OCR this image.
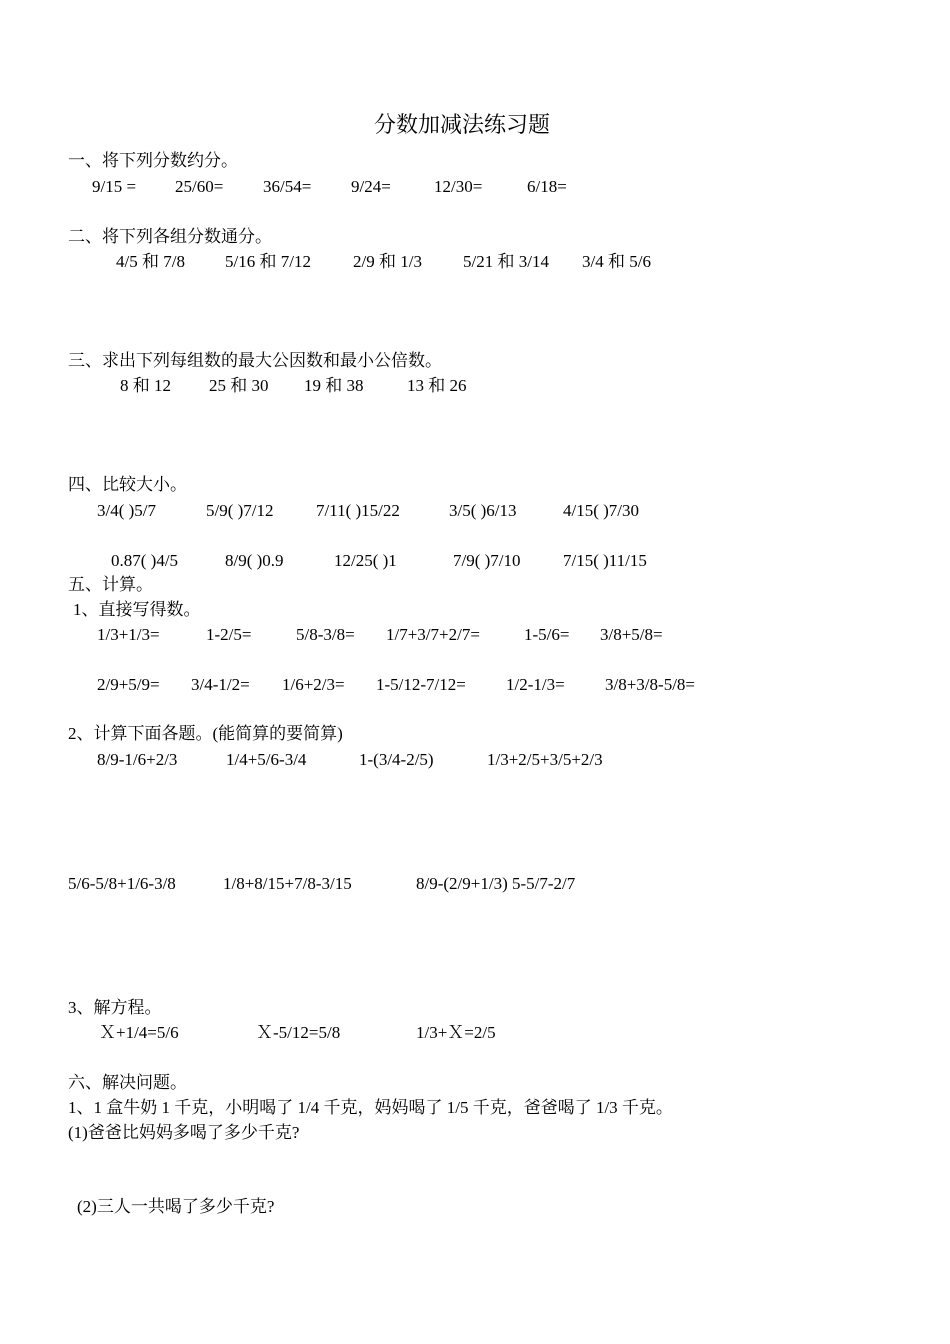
分数加减法练习题
一、将下列分数约分。
9/15 = 25/60= 36/54= 9/24=	12/30=	6/18=
二、将下列各组分数通分。
4/5 和 7/8 5/16 和 7/12 2/9 和 1/3 5/21 和 3/14 3/4 和 5/6
三、求出下列每组数的最大公因数和最小公倍数。
8 和 12 25 和 30 19 和 38	13 和 26
四、比较大小。
3/4( )5/7	5/9( )7/12 7/11( )15/22	3/5( )6/13	4/15( )7/30
0.87( )4/5	8/9( )0.9	12/25( )1	7/9( )7/10 7/15( )11/15
五、计算。
1、直接写得数。
1/3+1/3=	1-2/5=	5/8-3/8= 1/7+3/7+2/7=	1-5/6= 3/8+5/8=
2/9+5/9= 3/4-1/2= 1/6+2/3= 1-5/12-7/12= 1/2-1/3= 3/8+3/8-5/8=
2、计算下面各题。(能简算的要简算)
8/9-1/6+2/3	1/4+5/6-3/4	1-(3/4-2/5)	1/3+2/5+3/5+2/3
5/6-5/8+1/6-3/8	1/8+8/15+7/8-3/15	8/9-(2/9+1/3) 5-5/7-2/7
3、解方程。
Ｘ+1/4=5/6	Ｘ-5/12=5/8	1/3+Ｘ=2/5
六、解决问题。
1、1 盒牛奶 1 千克，小明喝了 1/4 千克，妈妈喝了 1/5 千克，爸爸喝了 1/3 千克。
(1)爸爸比妈妈多喝了多少千克?
(2)三人一共喝了多少千克?
